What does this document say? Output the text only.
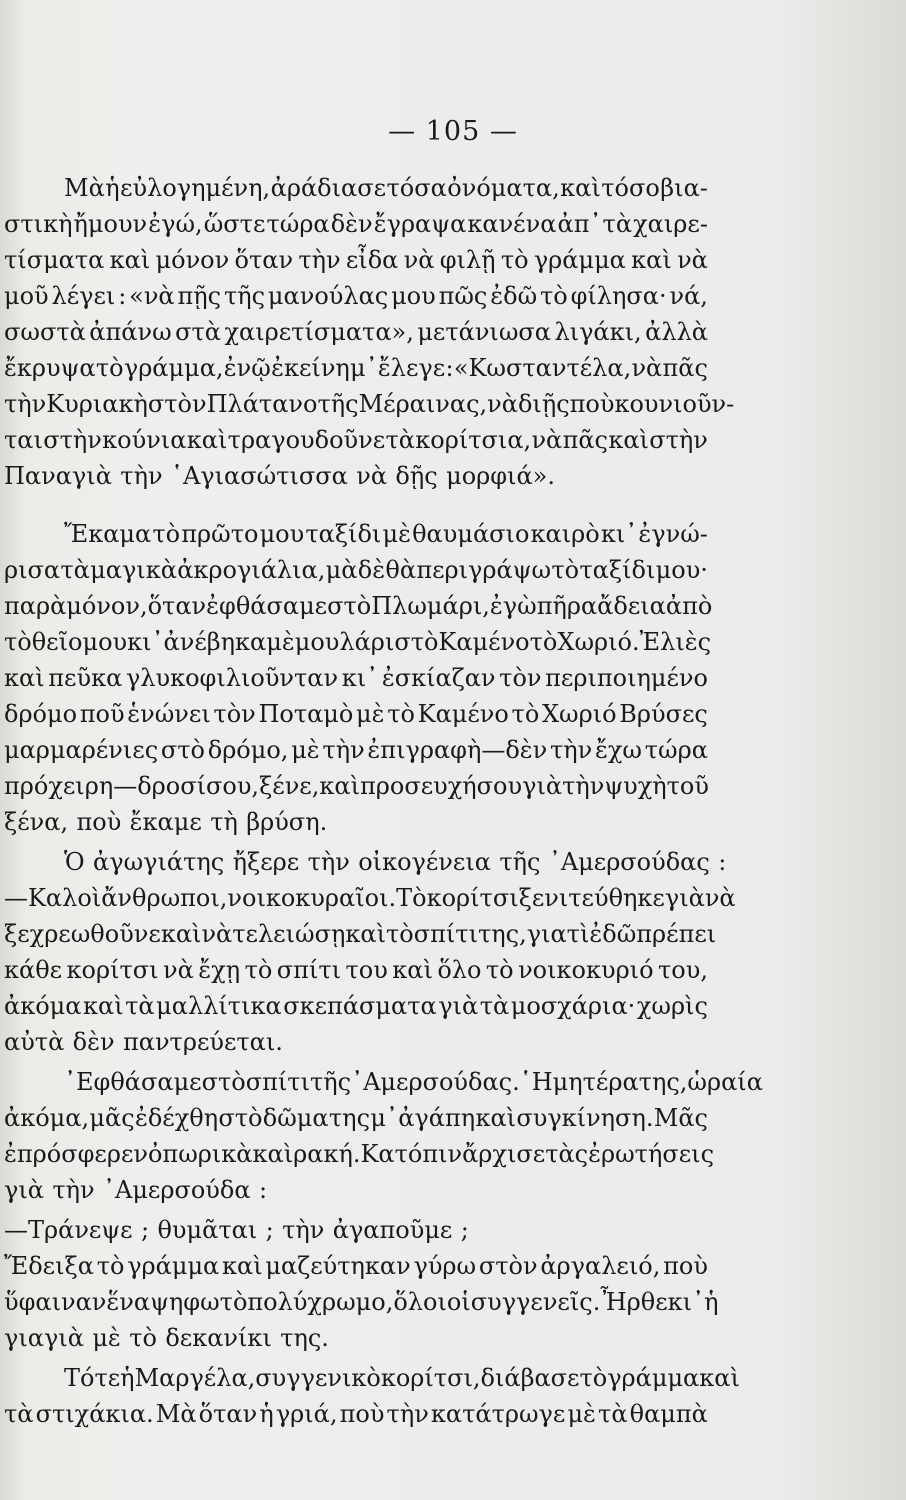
— 105 —
Μὰ ἡ εὐλογημένη, ἀράδιασε τόσα ὀνόματα, καὶ τόσο βια-
στικὴ ἤμουν ἐγώ, ὥστε τώρα δὲν ἔγραψα κανένα ἀπ᾿ τὰ χαιρε-
τίσματα καὶ μόνον ὅταν τὴν εἶδα νὰ φιλῇ τὸ γράμμα καὶ νὰ
μοῦ λέγει : «νὰ πῇς τῆς μανούλας μου πῶς ἐδῶ τὸ φίλησα· νά,
σωστὰ ἀπάνω στὰ χαιρετίσματα», μετάνιωσα λιγάκι, ἀλλὰ
ἔκρυψα τὸ γράμμα, ἐνῷ ἐκείνη μ᾿ ἔλεγε : «Κωσταντέλα, νὰ πᾶς
τὴν Κυριακὴ στὸν Πλάτανο τῆς Μέραινας, νὰ διῇς ποὺ κουνιοῦν-
ται στὴν κούνια καὶ τραγουδοῦνε τὰ κορίτσια, νὰ πᾶς καὶ στὴν
Παναγιὰ τὴν ῾Αγιασώτισσα νὰ δῇς μορφιά».
Ἔκαμα τὸ πρῶτο μου ταξίδι μὲ θαυμάσιο καιρὸ κι᾿ ἐγνώ-
ρισα τὰ μαγικὰ ἀκρογιάλια, μὰ δὲ θὰ περιγράψω τὸ ταξίδι μου·
παρὰ μόνον, ὅταν ἐφθάσαμε στὸ Πλωμάρι, ἐγὼ πῆρα ἄδεια ἀπὸ
τὸ θεῖο μου κι᾿ ἀνέβηκα μὲ μουλάρι στὸ Καμένο τὸ Χωριό. Ἐλιὲς
καὶ πεῦκα γλυκοφιλιοῦνταν κι᾿ ἐσκίαζαν τὸν περιποιημένο
δρόμο ποῦ ἑνώνει τὸν Ποταμὸ μὲ τὸ Καμένο τὸ Χωριό Βρύσες
μαρμαρένιες στὸ δρόμο, μὲ τὴν ἐπιγραφὴ—δὲν τὴν ἔχω τώρα
πρόχειρη—δροσίσου, ξένε, καὶ προσευχήσου γιὰ τὴν ψυχὴ τοῦ
ξένα, ποὺ ἔκαμε τὴ βρύση.
Ὁ ἀγωγιάτης ἤξερε τὴν οἰκογένεια τῆς ᾿Αμερσούδας :
—Καλοὶ ἄνθρωποι, νοικοκυραῖοι. Τὸ κορίτσι ξενιτεύθηκε γιὰ νὰ
ξεχρεωθοῦνε καὶ νὰ τελειώσῃ καὶ τὸ σπίτι της, γιατὶ ἐδῶ πρέπει
κάθε κορίτσι νὰ ἔχῃ τὸ σπίτι του καὶ ὅλο τὸ νοικοκυριό του,
ἀκόμα καὶ τὰ μαλλίτικα σκεπάσματα γιὰ τὰ μοσχάρια· χωρὶς
αὐτὰ δὲν παντρεύεται.
᾿Εφθάσαμε στὸ σπίτι τῆς ᾿Αμερσούδας. ῾Η μητέρα της, ὡραία
ἀκόμα, μᾶς ἐδέχθη στὸ δῶμα της μ᾿ ἀγάπη καὶ συγκίνηση. Μᾶς
ἐπρόσφερεν ὀπωρικὰ καὶ ρακή. Κατόπιν ἄρχισε τὰς ἐρωτήσεις
γιὰ τὴν ᾿Αμερσούδα :
—Τράνεψε ; θυμᾶται ; τὴν ἀγαποῦμε ;
Ἔδειξα τὸ γράμμα καὶ μαζεύτηκαν γύρω στὸν ἀργαλειό, ποὺ
ὕφαιναν ἕνα ψηφωτὸ πολύχρωμο, ὅλοι οἱ συγγενεῖς. Ἦρθε κι᾿ ἡ
γιαγιὰ μὲ τὸ δεκανίκι της.
Τότε ἡ Μαργέλα, συγγενικὸ κορίτσι, διάβασε τὸ γράμμα καὶ
τὰ στιχάκια. Μὰ ὅταν ἡ γριά, ποὺ τὴν κατάτρωγε μὲ τὰ θαμπὰ
